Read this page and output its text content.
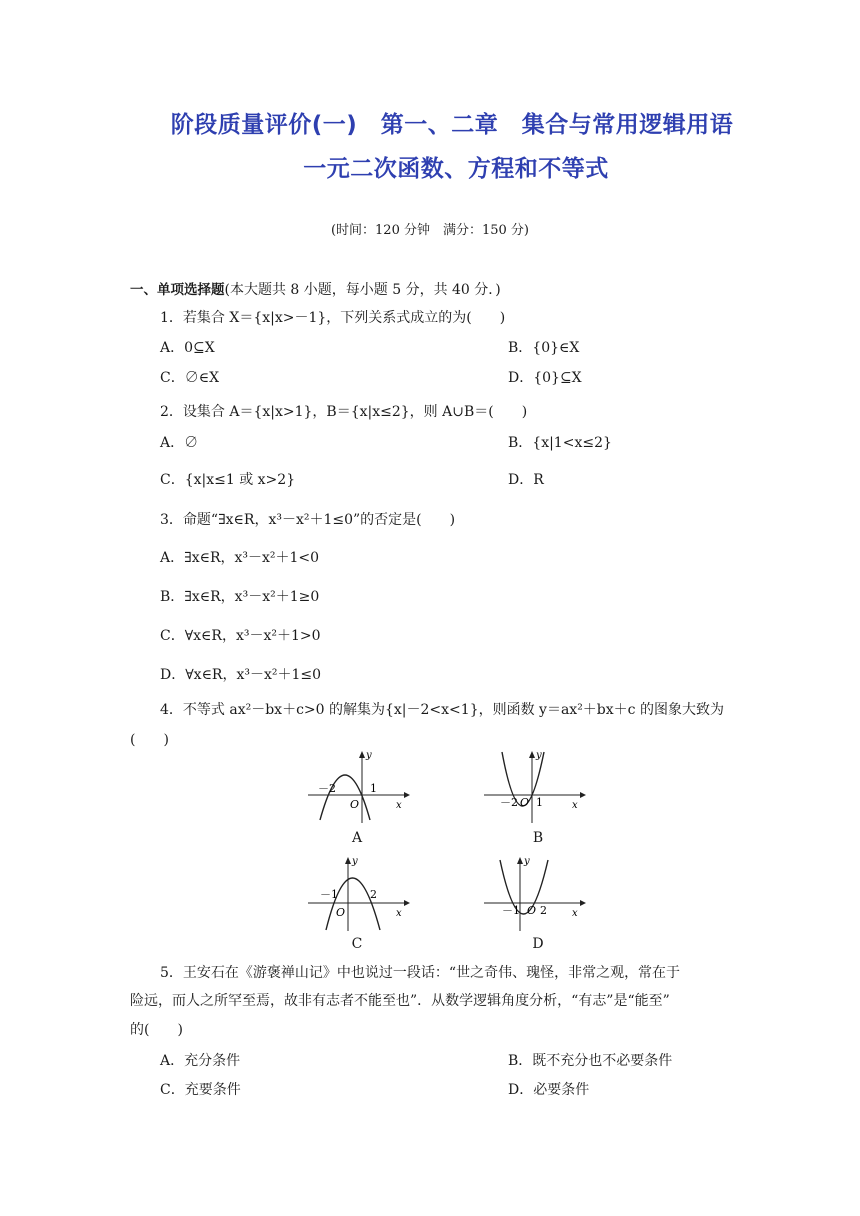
阶段质量评价(一)　第一、二章　集合与常用逻辑用语
一元二次函数、方程和不等式
(时间：120 分钟　满分：150 分)
一、单项选择题(本大题共 8 小题，每小题 5 分，共 40 分．)
1．若集合 X＝{x|x>－1}，下列关系式成立的为(　　)
A．0⊆X	B．{0}∈X
C．∅∈X	D．{0}⊆X
2．设集合 A＝{x|x>1}，B＝{x|x≤2}，则 A∪B＝(　　)
A．∅	B．{x|1<x≤2}
C．{x|x≤1 或 x>2}	D．R
3．命题“∃x∈R，x³－x²＋1≤0”的否定是(　　)
A．∃x∈R，x³－x²＋1<0
B．∃x∈R，x³－x²＋1≥0
C．∀x∈R，x³－x²＋1>0
D．∀x∈R，x³－x²＋1≤0
4．不等式 ax²－bx＋c>0 的解集为{x|－2<x<1}，则函数 y＝ax²＋bx＋c 的图象大致为
(　　)
－2	1
O
y
x
A
－2 1
O
y
x
B
－1	2
O
y
x
C
－1 2
O
y
x
D
5．王安石在《游褒禅山记》中也说过一段话：“世之奇伟、瑰怪，非常之观，常在于
险远，而人之所罕至焉，故非有志者不能至也”．从数学逻辑角度分析，“有志”是“能至”
的(　　)
A．充分条件	B．既不充分也不必要条件
C．充要条件	D．必要条件
